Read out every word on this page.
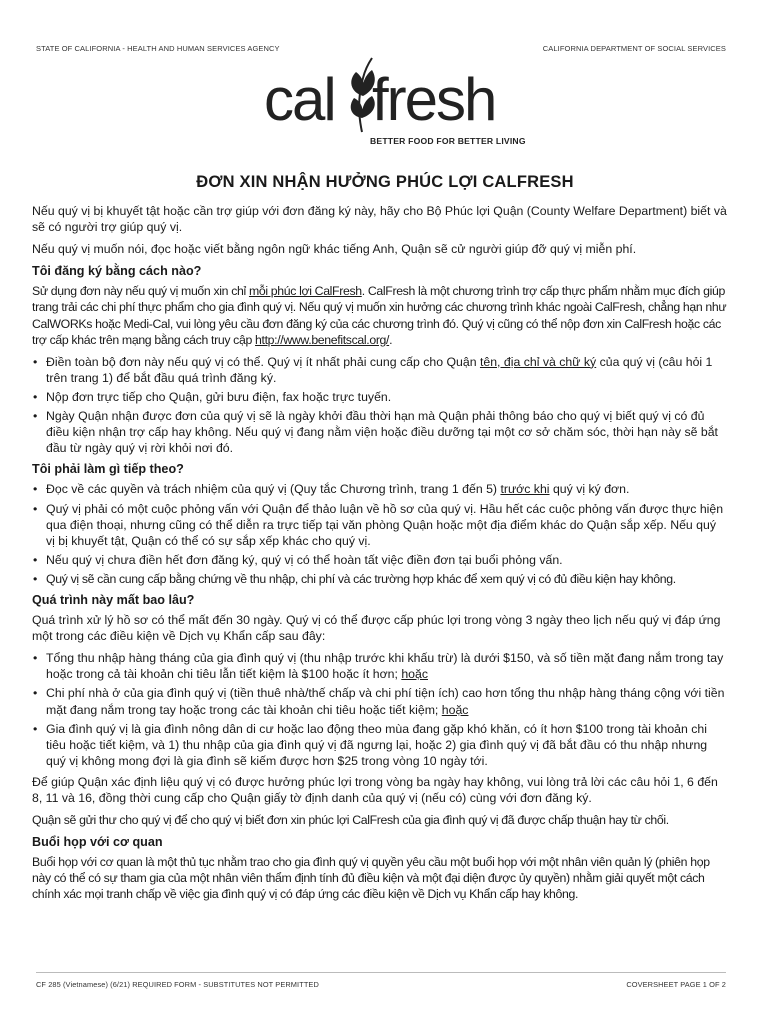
STATE OF CALIFORNIA - HEALTH AND HUMAN SERVICES AGENCY	CALIFORNIA DEPARTMENT OF SOCIAL SERVICES
cal fresh
BETTER FOOD FOR BETTER LIVING
ĐƠN XIN NHẬN HƯỞNG PHÚC LỢI CALFRESH

Nếu quý vị bị khuyết tật hoặc cần trợ giúp với đơn đăng ký này, hãy cho Bộ Phúc lợi Quận (County Welfare Department) biết và sẽ có người trợ giúp quý vị.

Nếu quý vị muốn nói, đọc hoặc viết bằng ngôn ngữ khác tiếng Anh, Quận sẽ cử người giúp đỡ quý vị miễn phí.

Tôi đăng ký bằng cách nào?

Sử dụng đơn này nếu quý vị muốn xin chỉ mỗi phúc lợi CalFresh. CalFresh là một chương trình trợ cấp thực phẩm nhằm mục đích giúp trang trải các chi phí thực phẩm cho gia đình quý vị. Nếu quý vị muốn xin hưởng các chương trình khác ngoài CalFresh, chẳng hạn như CalWORKs hoặc Medi-Cal, vui lòng yêu cầu đơn đăng ký của các chương trình đó. Quý vị cũng có thể nộp đơn xin CalFresh hoặc các trợ cấp khác trên mạng bằng cách truy cập http://www.benefitscal.org/.

• Điền toàn bộ đơn này nếu quý vị có thể. Quý vị ít nhất phải cung cấp cho Quận tên, địa chỉ và chữ ký của quý vị (câu hỏi 1 trên trang 1) để bắt đầu quá trình đăng ký.
• Nộp đơn trực tiếp cho Quận, gửi bưu điện, fax hoặc trực tuyến.
• Ngày Quận nhận được đơn của quý vị sẽ là ngày khởi đầu thời hạn mà Quận phải thông báo cho quý vị biết quý vị có đủ điều kiện nhận trợ cấp hay không. Nếu quý vị đang nằm viện hoặc điều dưỡng tại một cơ sở chăm sóc, thời hạn này sẽ bắt đầu từ ngày quý vị rời khỏi nơi đó.
Tôi phải làm gì tiếp theo?
• Đọc về các quyền và trách nhiệm của quý vị (Quy tắc Chương trình, trang 1 đến 5) trước khi quý vị ký đơn.
• Quý vị phải có một cuộc phỏng vấn với Quận để thảo luận về hồ sơ của quý vị. Hầu hết các cuộc phỏng vấn được thực hiện qua điện thoại, nhưng cũng có thể diễn ra trực tiếp tại văn phòng Quận hoặc một địa điểm khác do Quận sắp xếp. Nếu quý vị bị khuyết tật, Quận có thể có sự sắp xếp khác cho quý vị.
• Nếu quý vị chưa điền hết đơn đăng ký, quý vị có thể hoàn tất việc điền đơn tại buổi phỏng vấn.
• Quý vị sẽ cần cung cấp bằng chứng về thu nhập, chi phí và các trường hợp khác để xem quý vị có đủ điều kiện hay không.
Quá trình này mất bao lâu?

Quá trình xử lý hồ sơ có thể mất đến 30 ngày. Quý vị có thể được cấp phúc lợi trong vòng 3 ngày theo lịch nếu quý vị đáp ứng một trong các điều kiện về Dịch vụ Khẩn cấp sau đây:

• Tổng thu nhập hàng tháng của gia đình quý vị (thu nhập trước khi khấu trừ) là dưới $150, và số tiền mặt đang nắm trong tay hoặc trong cả tài khoản chi tiêu lẫn tiết kiệm là $100 hoặc ít hơn; hoặc
• Chi phí nhà ở của gia đình quý vị (tiền thuê nhà/thế chấp và chi phí tiện ích) cao hơn tổng thu nhập hàng tháng cộng với tiền mặt đang nắm trong tay hoặc trong các tài khoản chi tiêu hoặc tiết kiệm; hoặc
• Gia đình quý vị là gia đình nông dân di cư hoặc lao động theo mùa đang gặp khó khăn, có ít hơn $100 trong tài khoản chi tiêu hoặc tiết kiệm, và 1) thu nhập của gia đình quý vị đã ngưng lại, hoặc 2) gia đình quý vị đã bắt đầu có thu nhập nhưng quý vị không mong đợi là gia đình sẽ kiếm được hơn $25 trong vòng 10 ngày tới.

Để giúp Quận xác định liệu quý vị có được hưởng phúc lợi trong vòng ba ngày hay không, vui lòng trả lời các câu hỏi 1, 6 đến 8, 11 và 16, đồng thời cung cấp cho Quận giấy tờ định danh của quý vị (nếu có) cùng với đơn đăng ký.

Quận sẽ gửi thư cho quý vị để cho quý vị biết đơn xin phúc lợi CalFresh của gia đình quý vị đã được chấp thuận hay từ chối.

Buổi họp với cơ quan

Buổi họp với cơ quan là một thủ tục nhằm trao cho gia đình quý vị quyền yêu cầu một buổi họp với một nhân viên quản lý (phiên họp này có thể có sự tham gia của một nhân viên thẩm định tính đủ điều kiện và một đại diện được ủy quyền) nhằm giải quyết một cách chính xác mọi tranh chấp về việc gia đình quý vị có đáp ứng các điều kiện về Dịch vụ Khẩn cấp hay không.

CF 285 (Vietnamese) (6/21) REQUIRED FORM - SUBSTITUTES NOT PERMITTED	COVERSHEET PAGE 1 OF 2
